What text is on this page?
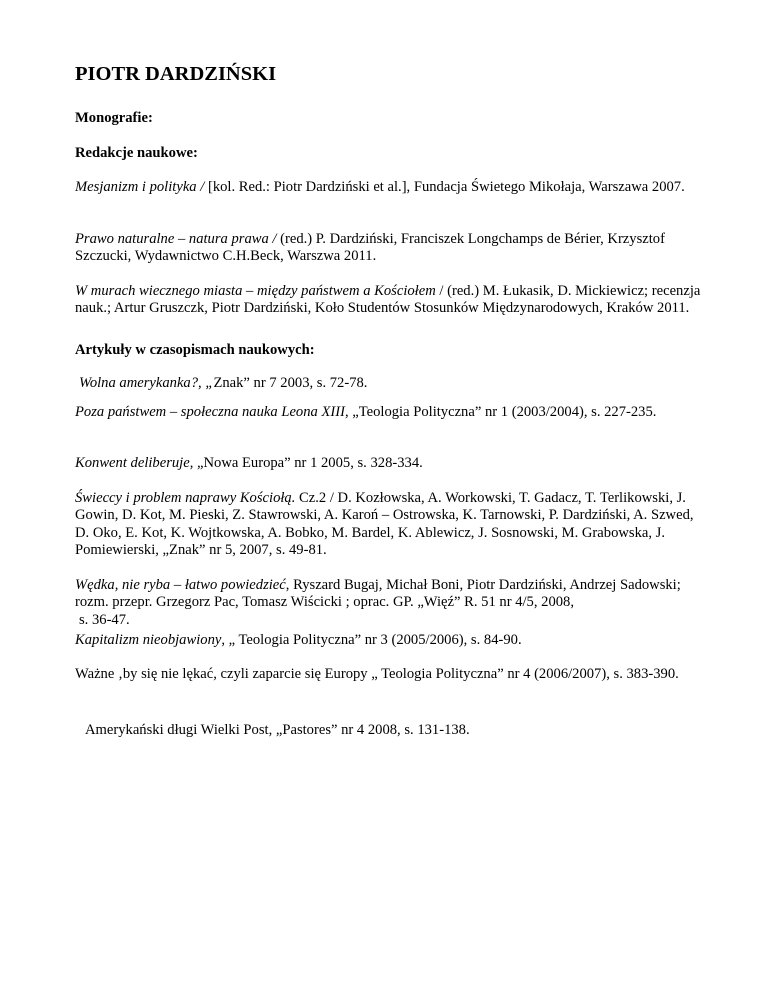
PIOTR DARDZIŃSKI

Monografie:

Redakcje naukowe:

Mesjanizm i polityka / [kol. Red.: Piotr Dardziński et al.], Fundacja Świetego Mikołaja, Warszawa 2007.

Prawo naturalne – natura prawa / (red.) P. Dardziński, Franciszek Longchamps de Bérier, Krzysztof Szczucki, Wydawnictwo C.H.Beck, Warszwa 2011.

W murach wiecznego miasta – między państwem a Kościołem / (red.) M. Łukasik, D. Mickiewicz; recenzja nauk.; Artur Gruszczk, Piotr Dardziński, Koło Studentów Stosunków Międzynarodowych, Kraków 2011.

Artykuły w czasopismach naukowych:

Wolna amerykanka?, „Znak” nr 7 2003, s. 72-78.

Poza państwem – społeczna nauka Leona XIII, „Teologia Polityczna” nr 1 (2003/2004), s. 227-235.

Konwent deliberuje, „Nowa Europa” nr 1 2005, s. 328-334.

Świeccy i problem naprawy Kościołą. Cz.2 / D. Kozłowska, A. Workowski, T. Gadacz, T. Terlikowski, J. Gowin, D. Kot, M. Pieski, Z. Stawrowski, A. Karoń – Ostrowska, K. Tarnowski, P. Dardziński, A. Szwed, D. Oko, E. Kot, K. Wojtkowska, A. Bobko, M. Bardel, K. Ablewicz, J. Sosnowski, M. Grabowska, J. Pomiewierski, „Znak” nr 5, 2007, s. 49-81.

Wędka, nie ryba – łatwo powiedzieć, Ryszard Bugaj, Michał Boni, Piotr Dardziński, Andrzej Sadowski; rozm. przepr. Grzegorz Pac, Tomasz Wiścicki ; oprac. GP. „Więź” R. 51 nr 4/5, 2008,
s. 36-47.

Kapitalizm nieobjawiony, „ Teologia Polityczna” nr 3 (2005/2006), s. 84-90.

Ważne ‚by się nie lękać, czyli zaparcie się Europy „ Teologia Polityczna” nr 4 (2006/2007), s. 383-390.

Amerykański długi Wielki Post, „Pastores” nr 4 2008, s. 131-138.
